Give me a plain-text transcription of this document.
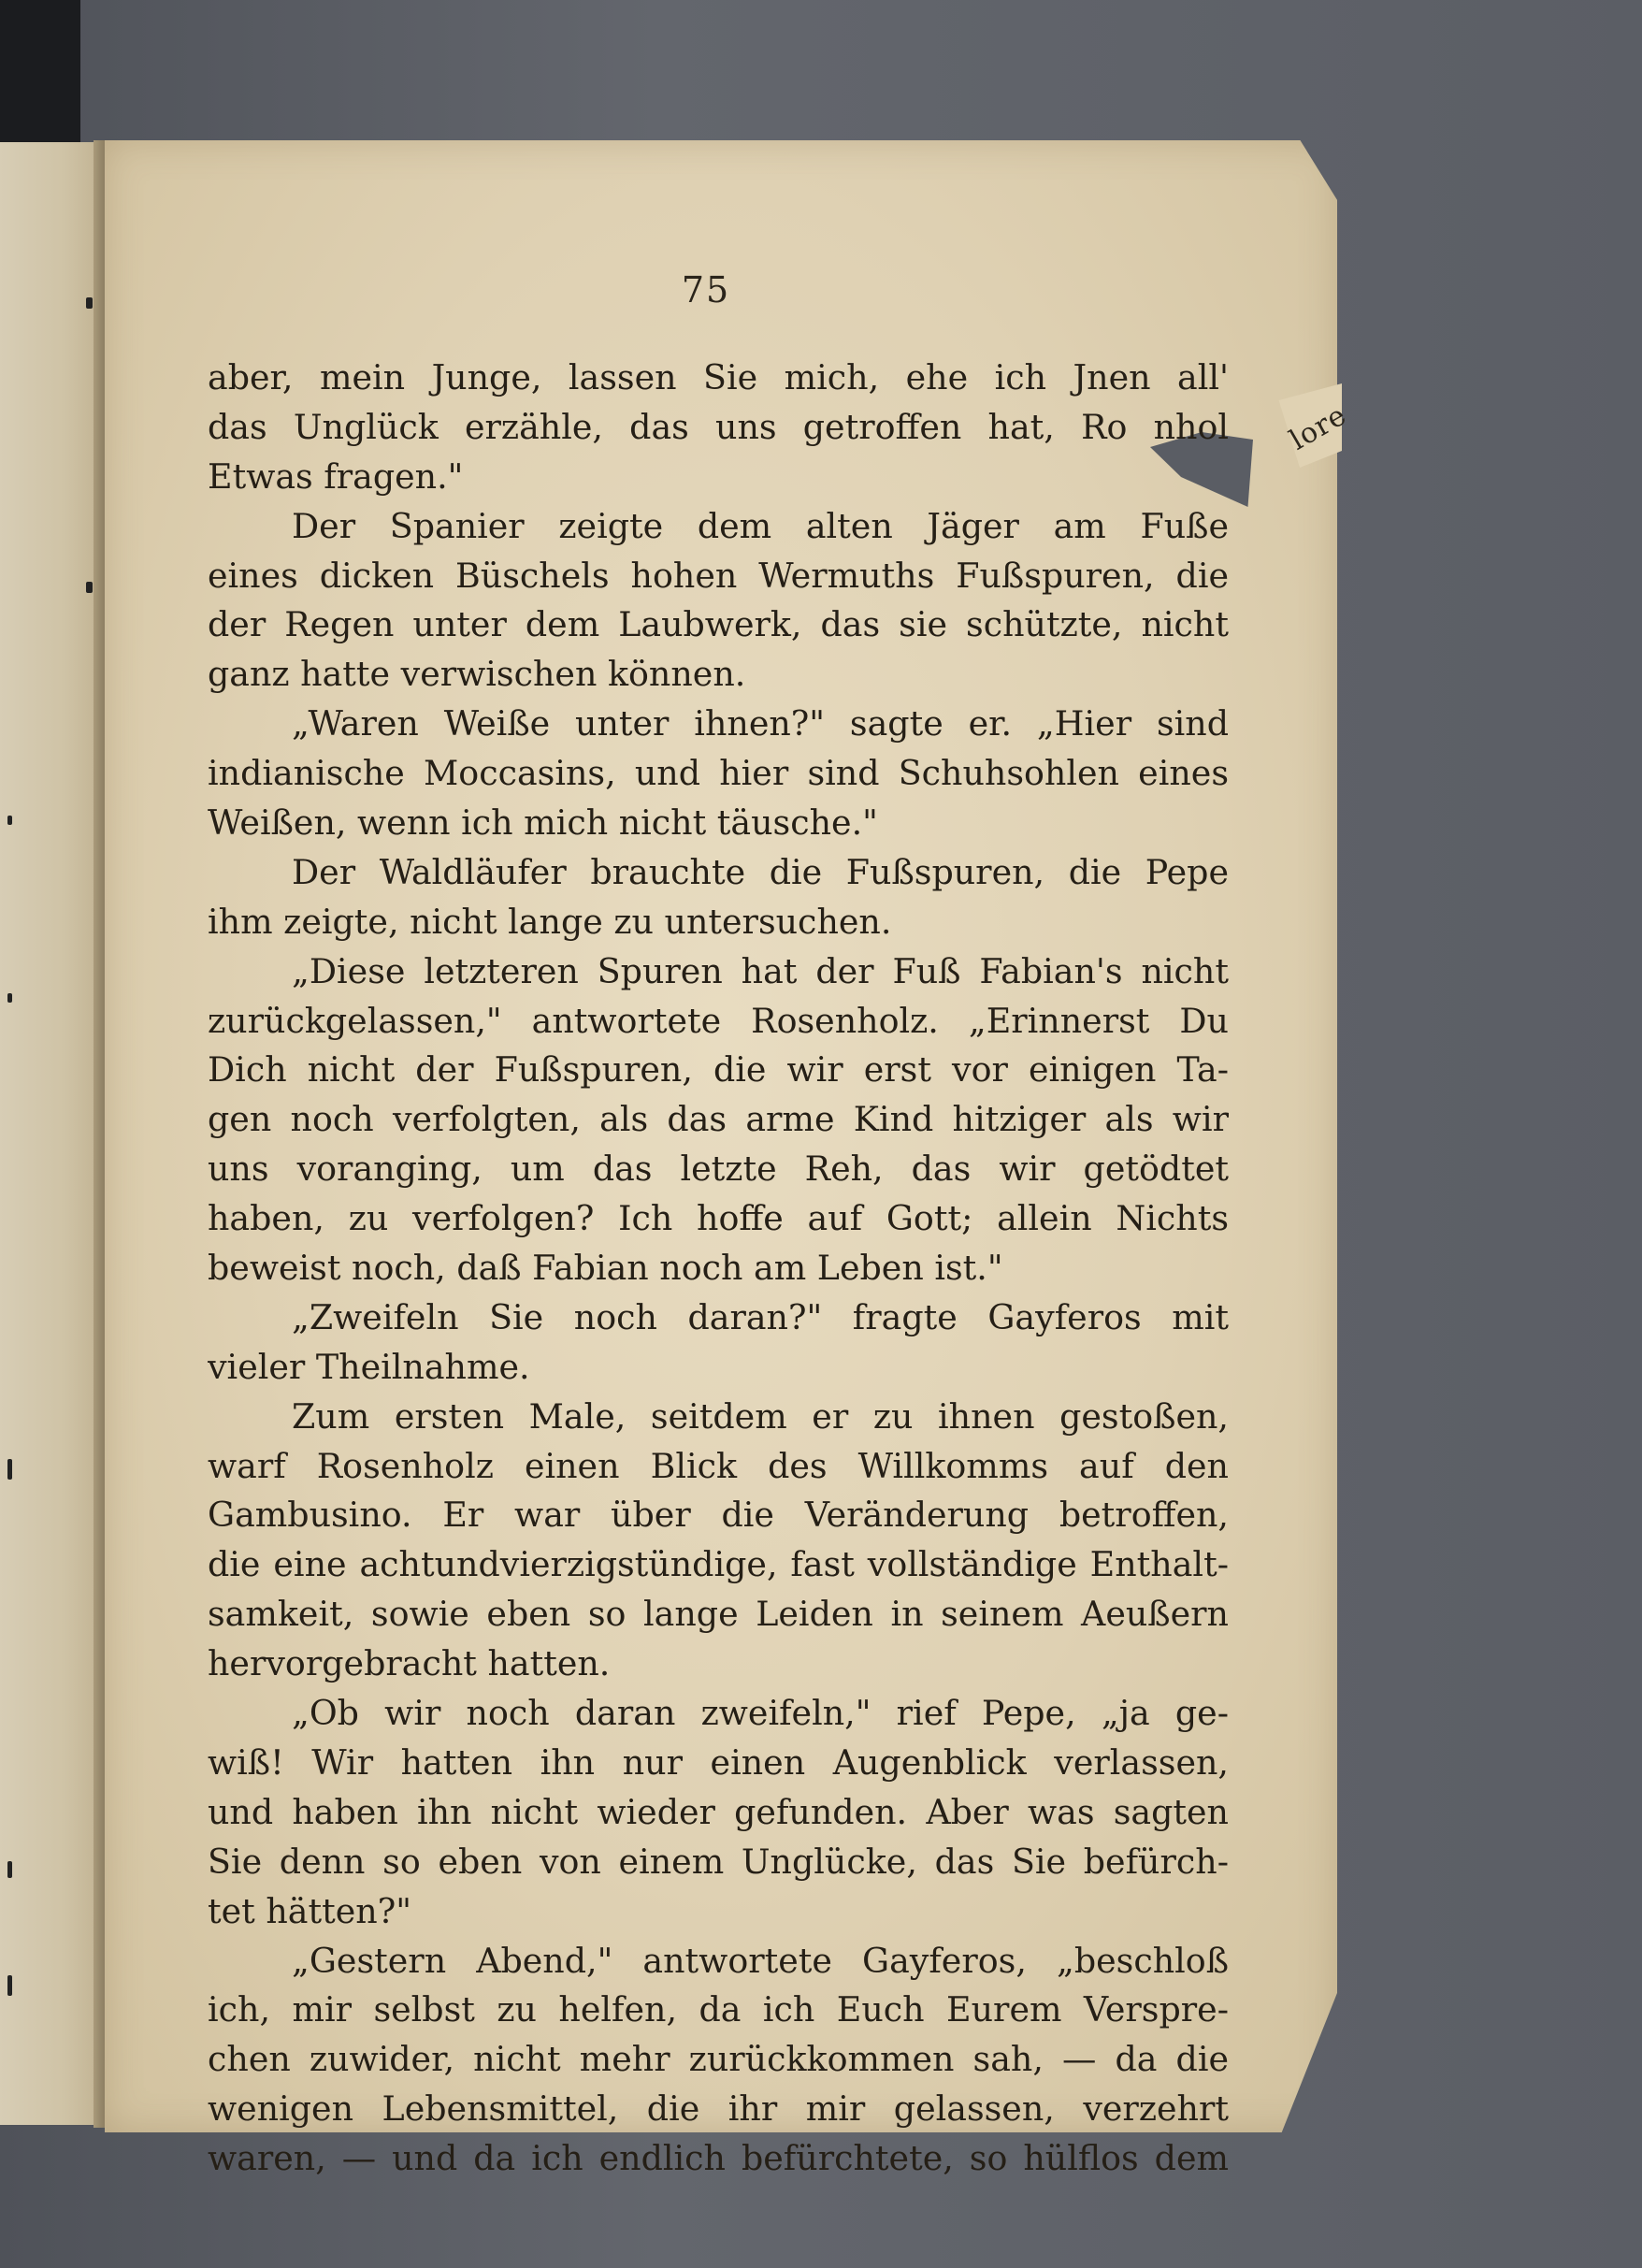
lore
75
aber, mein Junge, lassen Sie mich, ehe ich Jnen all'
das Unglück erzähle, das uns getroffen hat, Ro nhol
Etwas fragen."
Der Spanier zeigte dem alten Jäger am Fuße
eines dicken Büschels hohen Wermuths Fußspuren, die
der Regen unter dem Laubwerk, das sie schützte, nicht
ganz hatte verwischen können.
„Waren Weiße unter ihnen?" sagte er. „Hier sind
indianische Moccasins, und hier sind Schuhsohlen eines
Weißen, wenn ich mich nicht täusche."
Der Waldläufer brauchte die Fußspuren, die Pepe
ihm zeigte, nicht lange zu untersuchen.
„Diese letzteren Spuren hat der Fuß Fabian's nicht
zurückgelassen," antwortete Rosenholz. „Erinnerst Du
Dich nicht der Fußspuren, die wir erst vor einigen Ta-
gen noch verfolgten, als das arme Kind hitziger als wir
uns voranging, um das letzte Reh, das wir getödtet
haben, zu verfolgen? Ich hoffe auf Gott; allein Nichts
beweist noch, daß Fabian noch am Leben ist."
„Zweifeln Sie noch daran?" fragte Gayferos mit
vieler Theilnahme.
Zum ersten Male, seitdem er zu ihnen gestoßen,
warf Rosenholz einen Blick des Willkomms auf den
Gambusino. Er war über die Veränderung betroffen,
die eine achtundvierzigstündige, fast vollständige Enthalt-
samkeit, sowie eben so lange Leiden in seinem Aeußern
hervorgebracht hatten.
„Ob wir noch daran zweifeln," rief Pepe, „ja ge-
wiß! Wir hatten ihn nur einen Augenblick verlassen,
und haben ihn nicht wieder gefunden. Aber was sagten
Sie denn so eben von einem Unglücke, das Sie befürch-
tet hätten?"
„Gestern Abend," antwortete Gayferos, „beschloß
ich, mir selbst zu helfen, da ich Euch Eurem Verspre-
chen zuwider, nicht mehr zurückkommen sah, — da die
wenigen Lebensmittel, die ihr mir gelassen, verzehrt
waren, — und da ich endlich befürchtete, so hülflos dem
